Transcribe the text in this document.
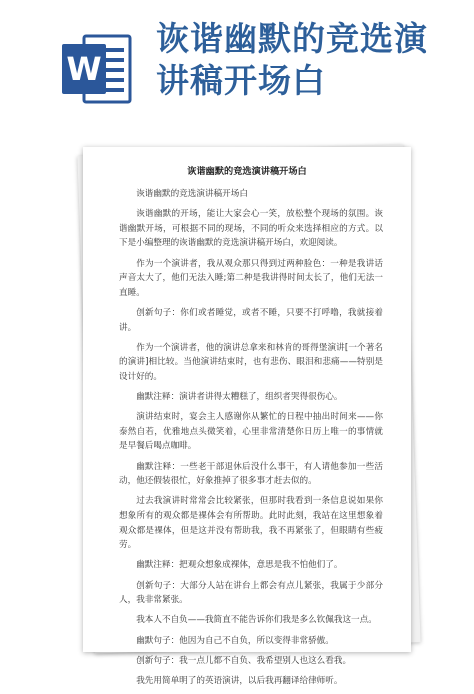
W
诙谐幽默的竞选演讲稿开场白
诙谐幽默的竞选演讲稿开场白

诙谐幽默的竞选演讲稿开场白

诙谐幽默的开场，能让大家会心一笑，放松整个现场的氛围。诙谐幽默开场，可根据不同的现场，不同的听众来选择相应的方式。以下是小编整理的诙谐幽默的竞选演讲稿开场白，欢迎阅读。

作为一个演讲者，我从观众那只得到过两种脸色：一种是我讲话声音太大了，他们无法入睡;第二种是我讲得时间太长了，他们无法一直睡。

创新句子：你们或者睡觉，或者不睡，只要不打呼噜，我就接着讲。

作为一个演讲者，他的演讲总拿来和林肯的哥得堡演讲[一个著名的演讲]相比较。当他演讲结束时，也有悲伤、眼泪和悲痛——特别是设计好的。

幽默注释：演讲者讲得太糟糕了，组织者哭得很伤心。

演讲结束时，宴会主人感谢你从繁忙的日程中抽出时间来——你泰然自若，优雅地点头微笑着，心里非常清楚你日历上唯一的事情就是早餐后喝点咖啡。

幽默注释：一些老干部退休后没什么事干，有人请他参加一些活动，他还假装很忙，好象推掉了很多事才赶去似的。

过去我演讲时常常会比较紧张，但那时我看到一条信息说如果你想象所有的观众都是裸体会有所帮助。此时此刻，我站在这里想象着观众都是裸体，但是这并没有帮助我，我不再紧张了，但眼睛有些疲劳。

幽默注释：把观众想象成裸体，意思是我不怕他们了。

创新句子：大部分人站在讲台上都会有点儿紧张，我属于少部分人，我非常紧张。

我本人不自负——我简直不能告诉你们我是多么钦佩我这一点。

幽默句子：他因为自己不自负，所以变得非常骄傲。

创新句子：我一点儿都不自负、我希望别人也这么看我。

我先用简单明了的英语演讲，以后我再翻译给律师听。
